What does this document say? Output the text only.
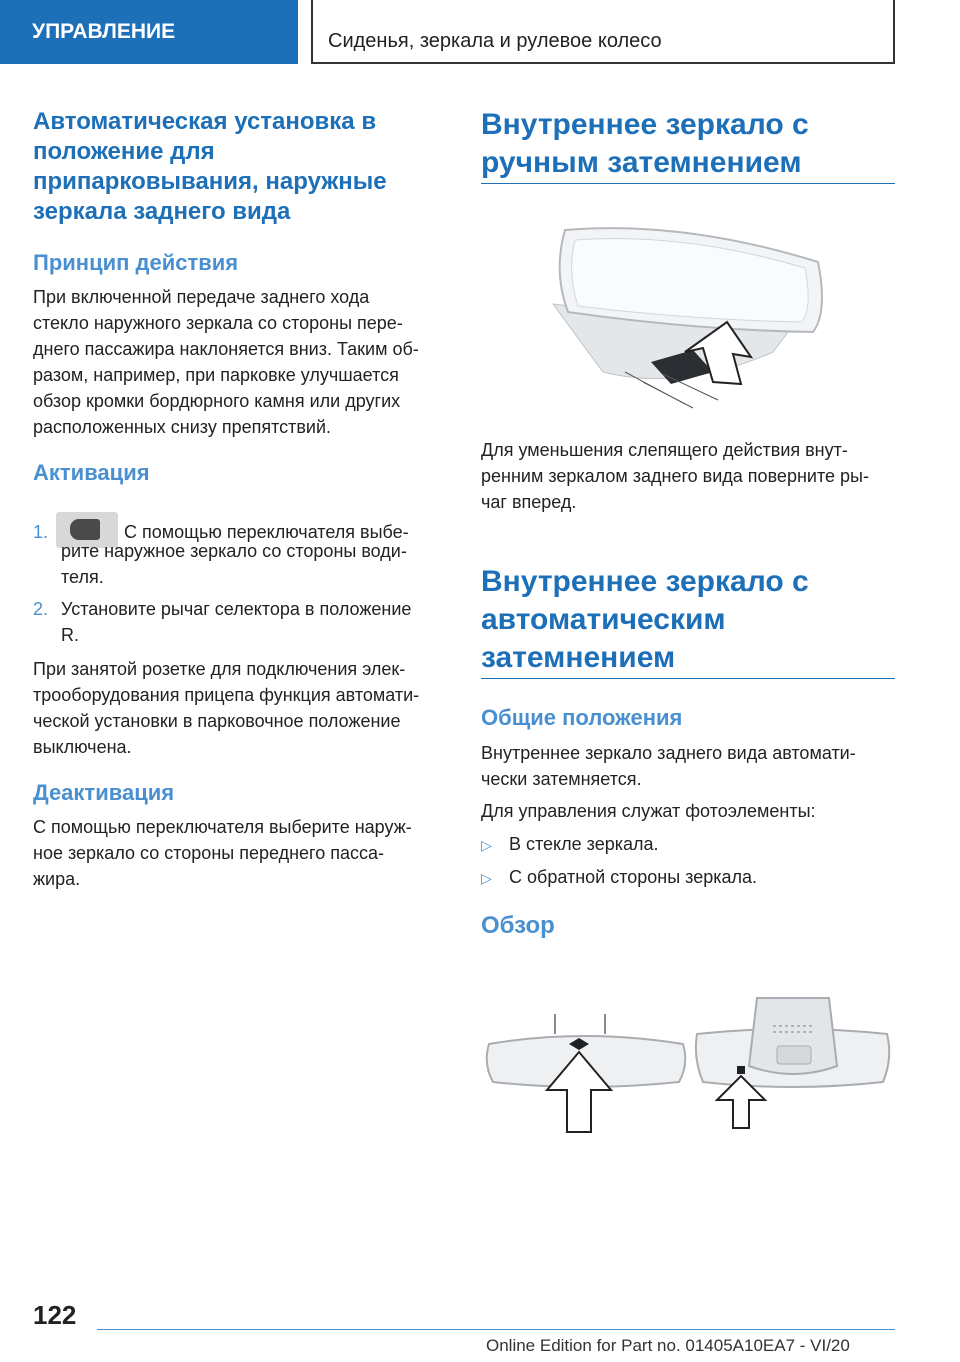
УПРАВЛЕНИЕ	Сиденья, зеркала и рулевое колесо
Автоматическая установка в
положение для
припарковывания, наружные
зеркала заднего вида
Принцип действия

При включенной передаче заднего хода

стекло наружного зеркала со стороны пере-

днего пассажира наклоняется вниз. Таким об-

разом, например, при парковке улучшается

обзор кромки бордюрного камня или других

расположенных снизу препятствий.

Активация
1.	С помощью переключателя выбе-

рите наружное зеркало со стороны води-

теля.

2. Установите рычаг селектора в положение

R.

При занятой розетке для подключения элек-

трооборудования прицепа функция автомати-

ческой установки в парковочное положение

выключена.

Деактивация

С помощью переключателя выберите наруж-

ное зеркало со стороны переднего пасса-

жира.

Внутреннее зеркало с
ручным затемнением

Для уменьшения слепящего действия внут-

ренним зеркалом заднего вида поверните ры-

чаг вперед.

Внутреннее зеркало с
автоматическим
затемнением
Общие положения

Внутреннее зеркало заднего вида автомати-

чески затемняется.

Для управления служат фотоэлементы:

▷ В стекле зеркала.
▷ С обратной стороны зеркала.
Обзор
122
Online Edition for Part no. 01405A10EA7 - VI/20
